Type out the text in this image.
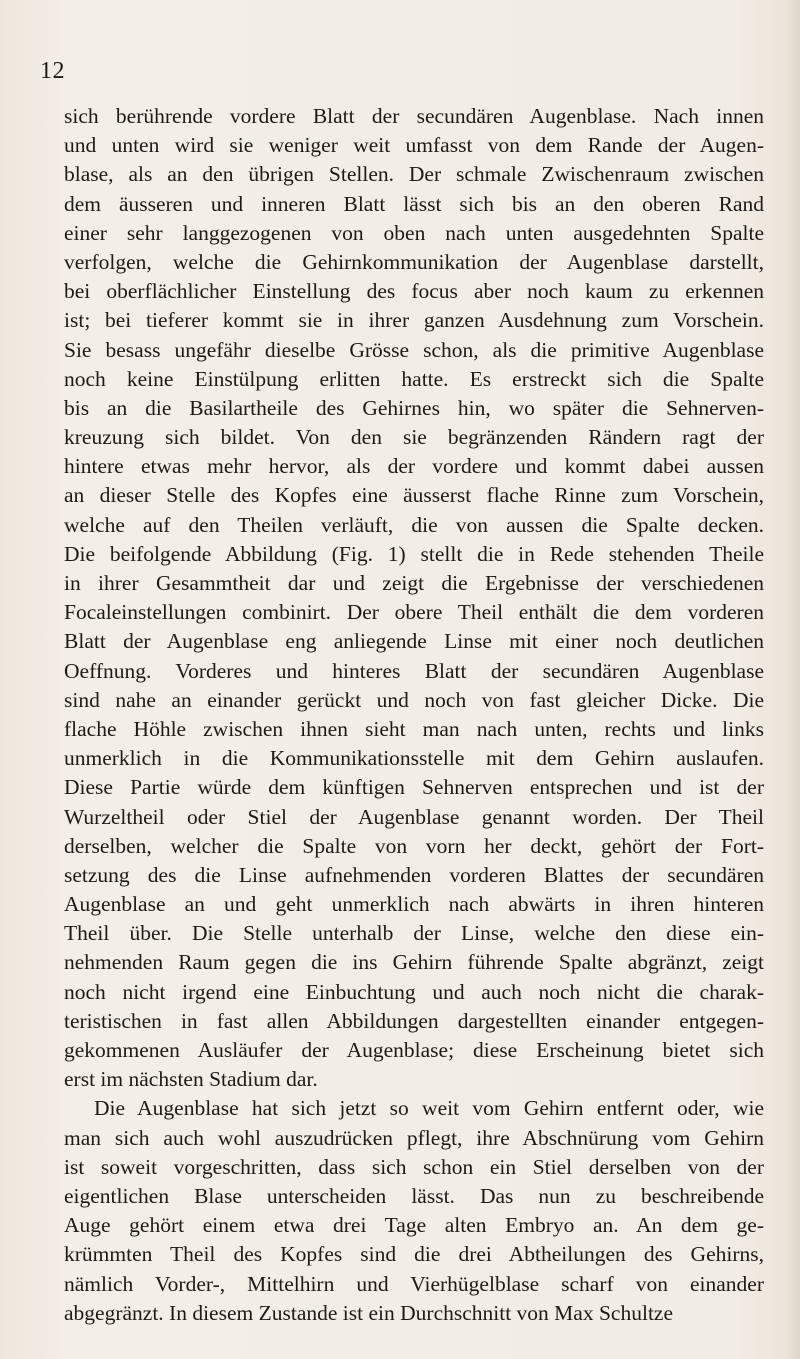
12
sich berührende vordere Blatt der secundären Augenblase. Nach innen
und unten wird sie weniger weit umfasst von dem Rande der Augen-
blase, als an den übrigen Stellen. Der schmale Zwischenraum zwischen
dem äusseren und inneren Blatt lässt sich bis an den oberen Rand
einer sehr langgezogenen von oben nach unten ausgedehnten Spalte
verfolgen, welche die Gehirnkommunikation der Augenblase darstellt,
bei oberflächlicher Einstellung des focus aber noch kaum zu erkennen
ist; bei tieferer kommt sie in ihrer ganzen Ausdehnung zum Vorschein.
Sie besass ungefähr dieselbe Grösse schon, als die primitive Augenblase
noch keine Einstülpung erlitten hatte. Es erstreckt sich die Spalte
bis an die Basilartheile des Gehirnes hin, wo später die Sehnerven-
kreuzung sich bildet. Von den sie begränzenden Rändern ragt der
hintere etwas mehr hervor, als der vordere und kommt dabei aussen
an dieser Stelle des Kopfes eine äusserst flache Rinne zum Vorschein,
welche auf den Theilen verläuft, die von aussen die Spalte decken.
Die beifolgende Abbildung (Fig. 1) stellt die in Rede stehenden Theile
in ihrer Gesammtheit dar und zeigt die Ergebnisse der verschiedenen
Focaleinstellungen combinirt. Der obere Theil enthält die dem vorderen
Blatt der Augenblase eng anliegende Linse mit einer noch deutlichen
Oeffnung. Vorderes und hinteres Blatt der secundären Augenblase
sind nahe an einander gerückt und noch von fast gleicher Dicke. Die
flache Höhle zwischen ihnen sieht man nach unten, rechts und links
unmerklich in die Kommunikationsstelle mit dem Gehirn auslaufen.
Diese Partie würde dem künftigen Sehnerven entsprechen und ist der
Wurzeltheil oder Stiel der Augenblase genannt worden. Der Theil
derselben, welcher die Spalte von vorn her deckt, gehört der Fort-
setzung des die Linse aufnehmenden vorderen Blattes der secundären
Augenblase an und geht unmerklich nach abwärts in ihren hinteren
Theil über. Die Stelle unterhalb der Linse, welche den diese ein-
nehmenden Raum gegen die ins Gehirn führende Spalte abgränzt, zeigt
noch nicht irgend eine Einbuchtung und auch noch nicht die charak-
teristischen in fast allen Abbildungen dargestellten einander entgegen-
gekommenen Ausläufer der Augenblase; diese Erscheinung bietet sich
erst im nächsten Stadium dar.
Die Augenblase hat sich jetzt so weit vom Gehirn entfernt oder, wie
man sich auch wohl auszudrücken pflegt, ihre Abschnürung vom Gehirn
ist soweit vorgeschritten, dass sich schon ein Stiel derselben von der
eigentlichen Blase unterscheiden lässt. Das nun zu beschreibende
Auge gehört einem etwa drei Tage alten Embryo an. An dem ge-
krümmten Theil des Kopfes sind die drei Abtheilungen des Gehirns,
nämlich Vorder-, Mittelhirn und Vierhügelblase scharf von einander
abgegränzt. In diesem Zustande ist ein Durchschnitt von Max Schultze
